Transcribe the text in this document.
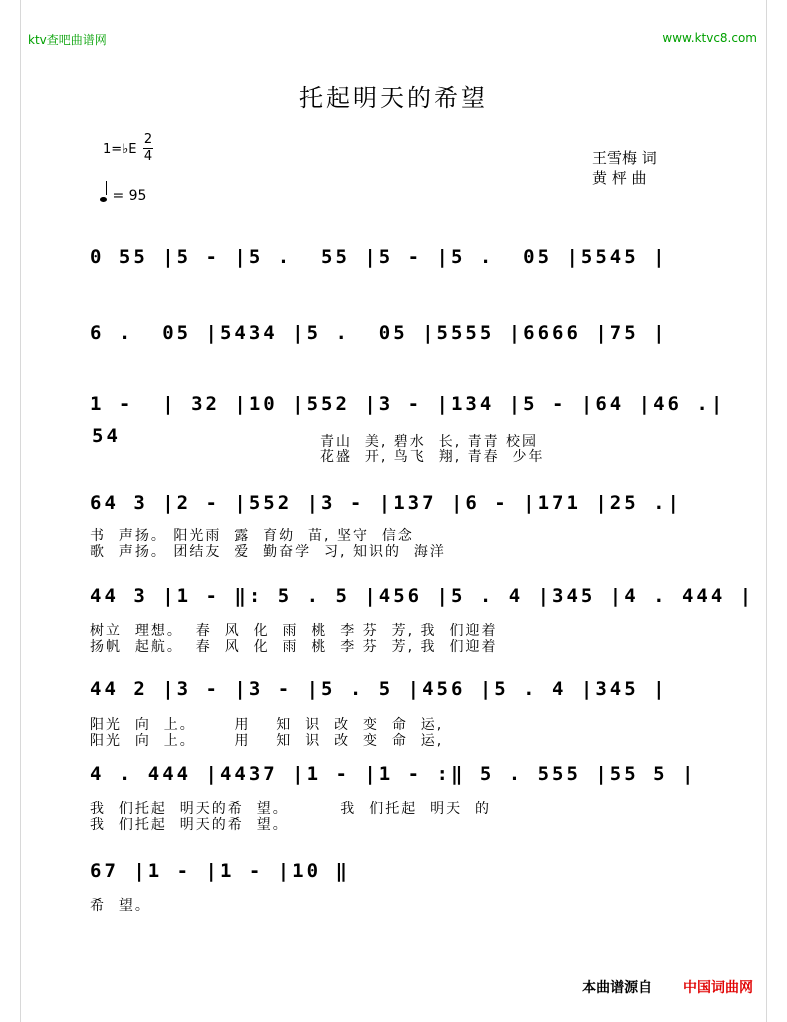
ktv查吧曲谱网	www.ktvc8.com
托起明天的希望
1=♭E
2
4
= 95
王雪梅 词
黄 枰 曲
0 55 |5 - |5 .  55 |5 - |5 .  05 |5545 |
6 .  05 |5434 |5 .  05 |5555 |6666 |75 |
1 -  | 32 |10 |552 |3 - |134 |5 - |64 |46 .|
54	青山  美, 碧水  长, 青青 校园
花盛  开, 鸟飞  翔, 青春  少年
64 3 |2 - |552 |3 - |137 |6 - |171 |25 .|
书  声扬。 阳光雨  露  育幼  苗, 坚守  信念
歌  声扬。 团结友  爱  勤奋学  习, 知识的  海洋
44 3 |1 - ‖: 5 . 5 |456 |5 . 4 |345 |4 . 444 |
树立  理想。  春  风  化  雨  桃  李 芬  芳, 我  们迎着
扬帆  起航。  春  风  化  雨  桃  李 芬  芳, 我  们迎着
44 2 |3 - |3 - |5 . 5 |456 |5 . 4 |345 |
阳光  向  上。      用    知  识  改  变  命  运,
阳光  向  上。      用    知  识  改  变  命  运,
4 . 444 |4437 |1 - |1 - :‖ 5 . 555 |55 5 |
我  们托起  明天的希  望。        我  们托起  明天  的
我  们托起  明天的希  望。
67 |1 - |1 - |10 ‖
希  望。
本曲谱源自 中国词曲网
